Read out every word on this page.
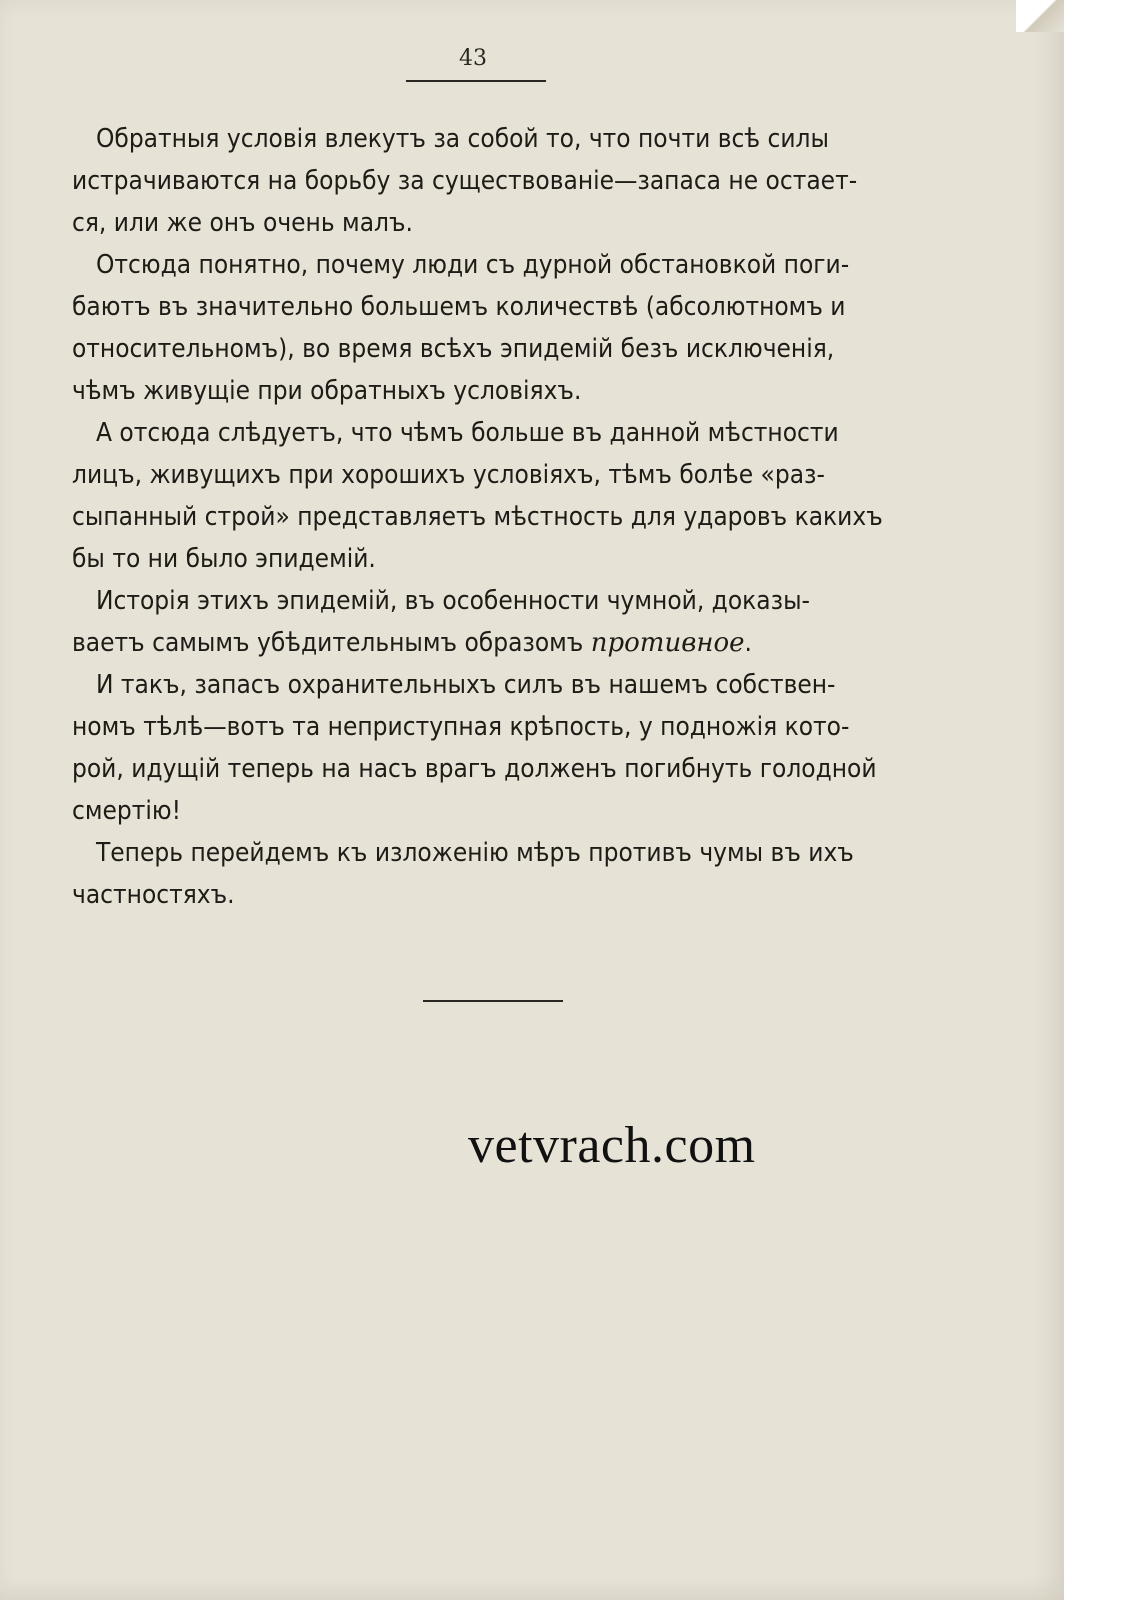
43

Обратныя условія влекутъ за собой то, что почти всѣ силы
истрачиваются на борьбу за существованіе—запаса не остает-
ся, или же онъ очень малъ.

Отсюда понятно, почему люди съ дурной обстановкой поги-
баютъ въ значительно большемъ количествѣ (абсолютномъ и
относительномъ), во время всѣхъ эпидемій безъ исключенія,
чѣмъ живущіе при обратныхъ условіяхъ.

А отсюда слѣдуетъ, что чѣмъ больше въ данной мѣстности
лицъ, живущихъ при хорошихъ условіяхъ, тѣмъ болѣе «раз-
сыпанный строй» представляетъ мѣстность для ударовъ какихъ
бы то ни было эпидемій.

Исторія этихъ эпидемій, въ особенности чумной, доказы-
ваетъ самымъ убѣдительнымъ образомъ противное.

И такъ, запасъ охранительныхъ силъ въ нашемъ собствен-
номъ тѣлѣ—вотъ та неприступная крѣпость, у подножія кото-
рой, идущій теперь на насъ врагъ долженъ погибнуть голодной
смертію!

Теперь перейдемъ къ изложенію мѣръ противъ чумы въ ихъ
частностяхъ.

vetvrach.com
